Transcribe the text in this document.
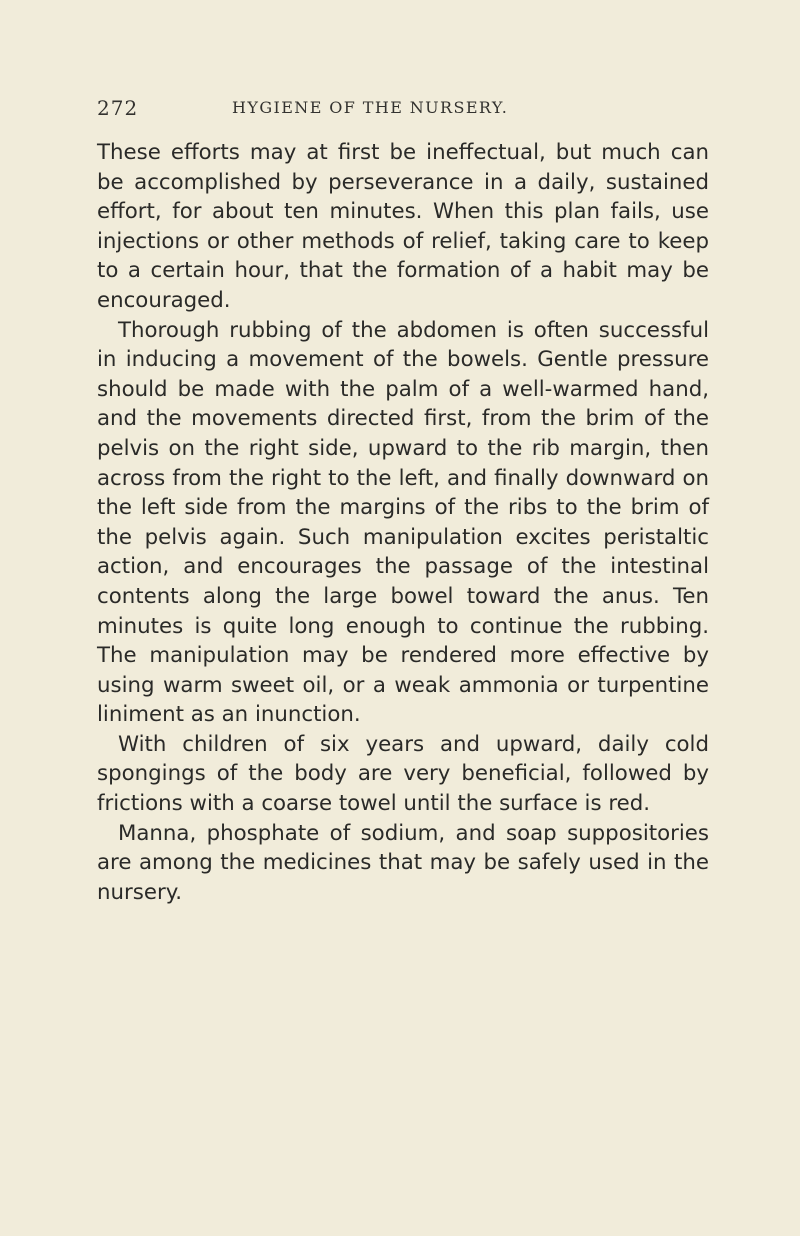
272	HYGIENE OF THE NURSERY.

These efforts may at first be ineffectual, but much can be accomplished by perseverance in a daily, sustained effort, for about ten minutes. When this plan fails, use injections or other methods of relief, taking care to keep to a certain hour, that the formation of a habit may be encouraged.

Thorough rubbing of the abdomen is often successful in inducing a movement of the bowels. Gentle pressure should be made with the palm of a well-warmed hand, and the movements directed first, from the brim of the pelvis on the right side, upward to the rib margin, then across from the right to the left, and finally downward on the left side from the margins of the ribs to the brim of the pelvis again. Such manipulation excites peristaltic action, and encourages the passage of the intestinal contents along the large bowel toward the anus. Ten minutes is quite long enough to continue the rubbing. The manipulation may be rendered more effective by using warm sweet oil, or a weak ammonia or turpentine liniment as an inunction.

With children of six years and upward, daily cold spongings of the body are very beneficial, followed by frictions with a coarse towel until the surface is red.

Manna, phosphate of sodium, and soap suppositories are among the medicines that may be safely used in the nursery.
